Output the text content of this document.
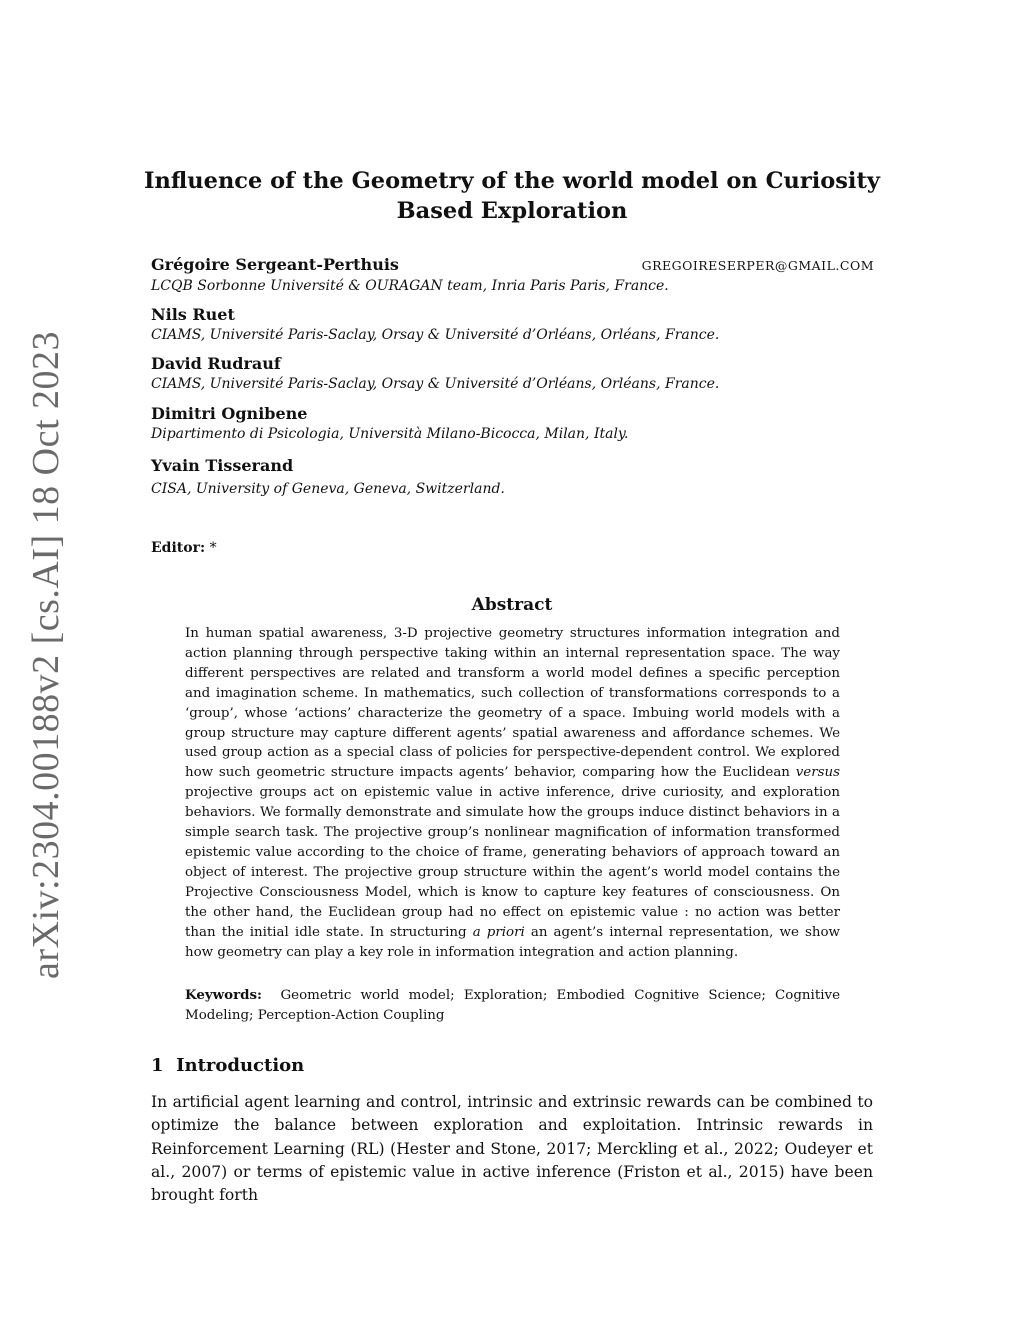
arXiv:2304.00188v2 [cs.AI] 18 Oct 2023
Influence of the Geometry of the world model on Curiosity Based Exploration
Grégoire Sergeant-Perthuis	GREGOIRESERPER@GMAIL.COM
LCQB Sorbonne Université & OURAGAN team, Inria Paris Paris, France.
Nils Ruet
CIAMS, Université Paris-Saclay, Orsay & Université d’Orléans, Orléans, France.
David Rudrauf
CIAMS, Université Paris-Saclay, Orsay & Université d’Orléans, Orléans, France.
Dimitri Ognibene
Dipartimento di Psicologia, Università Milano-Bicocca, Milan, Italy.
Yvain Tisserand
CISA, University of Geneva, Geneva, Switzerland.
Editor: *
Abstract
In human spatial awareness, 3-D projective geometry structures information integration and action planning through perspective taking within an internal representation space. The way different perspectives are related and transform a world model defines a specific perception and imagination scheme. In mathematics, such collection of transformations corresponds to a ‘group’, whose ‘actions’ characterize the geometry of a space. Imbuing world models with a group structure may capture different agents’ spatial awareness and affordance schemes. We used group action as a special class of policies for perspective-dependent control. We explored how such geometric structure impacts agents’ behavior, comparing how the Euclidean versus projective groups act on epistemic value in active inference, drive curiosity, and exploration behaviors. We formally demonstrate and simulate how the groups induce distinct behaviors in a simple search task. The projective group’s nonlinear magnification of information transformed epistemic value according to the choice of frame, generating behaviors of approach toward an object of interest. The projective group structure within the agent’s world model contains the Projective Consciousness Model, which is know to capture key features of consciousness. On the other hand, the Euclidean group had no effect on epistemic value : no action was better than the initial idle state. In structuring a priori an agent’s internal representation, we show how geometry can play a key role in information integration and action planning.
Keywords: Geometric world model; Exploration; Embodied Cognitive Science; Cognitive Modeling; Perception-Action Coupling
1 Introduction
In artificial agent learning and control, intrinsic and extrinsic rewards can be combined to optimize the balance between exploration and exploitation. Intrinsic rewards in Reinforcement Learning (RL) (Hester and Stone, 2017; Merckling et al., 2022; Oudeyer et al., 2007) or terms of epistemic value in active inference (Friston et al., 2015) have been brought forth
